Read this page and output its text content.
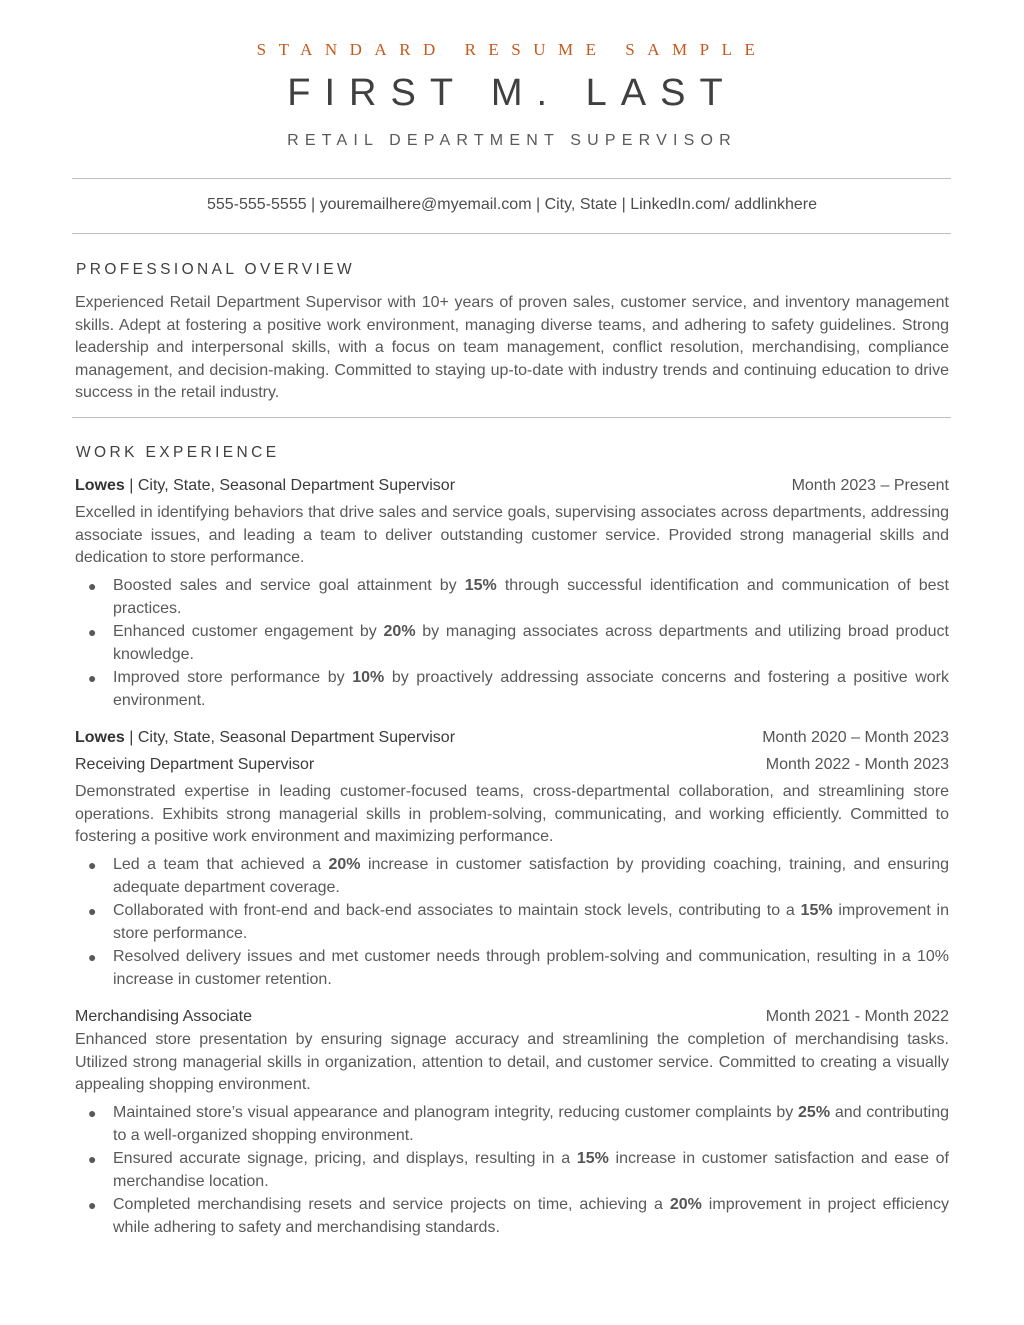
STANDARD RESUME SAMPLE
FIRST M. LAST
RETAIL DEPARTMENT SUPERVISOR
555-555-5555 | youremailhere@myemail.com | City, State | LinkedIn.com/ addlinkhere
PROFESSIONAL OVERVIEW

Experienced Retail Department Supervisor with 10+ years of proven sales, customer service, and inventory management skills. Adept at fostering a positive work environment, managing diverse teams, and adhering to safety guidelines. Strong leadership and interpersonal skills, with a focus on team management, conflict resolution, merchandising, compliance management, and decision-making. Committed to staying up-to-date with industry trends and continuing education to drive success in the retail industry.

WORK EXPERIENCE
Lowes | City, State, Seasonal Department Supervisor	Month 2023 – Present

Excelled in identifying behaviors that drive sales and service goals, supervising associates across departments, addressing associate issues, and leading a team to deliver outstanding customer service. Provided strong managerial skills and dedication to store performance.

● Boosted sales and service goal attainment by 15% through successful identification and communication of best practices.
● Enhanced customer engagement by 20% by managing associates across departments and utilizing broad product knowledge.
● Improved store performance by 10% by proactively addressing associate concerns and fostering a positive work environment.
Lowes | City, State, Seasonal Department Supervisor	Month 2020 – Month 2023
Receiving Department Supervisor	Month 2022 - Month 2023

Demonstrated expertise in leading customer-focused teams, cross-departmental collaboration, and streamlining store operations. Exhibits strong managerial skills in problem-solving, communicating, and working efficiently. Committed to fostering a positive work environment and maximizing performance.

● Led a team that achieved a 20% increase in customer satisfaction by providing coaching, training, and ensuring adequate department coverage.
● Collaborated with front-end and back-end associates to maintain stock levels, contributing to a 15% improvement in store performance.
● Resolved delivery issues and met customer needs through problem-solving and communication, resulting in a 10% increase in customer retention.
Merchandising Associate	Month 2021 - Month 2022

Enhanced store presentation by ensuring signage accuracy and streamlining the completion of merchandising tasks. Utilized strong managerial skills in organization, attention to detail, and customer service. Committed to creating a visually appealing shopping environment.

● Maintained store’s visual appearance and planogram integrity, reducing customer complaints by 25% and contributing to a well-organized shopping environment.
● Ensured accurate signage, pricing, and displays, resulting in a 15% increase in customer satisfaction and ease of merchandise location.
● Completed merchandising resets and service projects on time, achieving a 20% improvement in project efficiency while adhering to safety and merchandising standards.
